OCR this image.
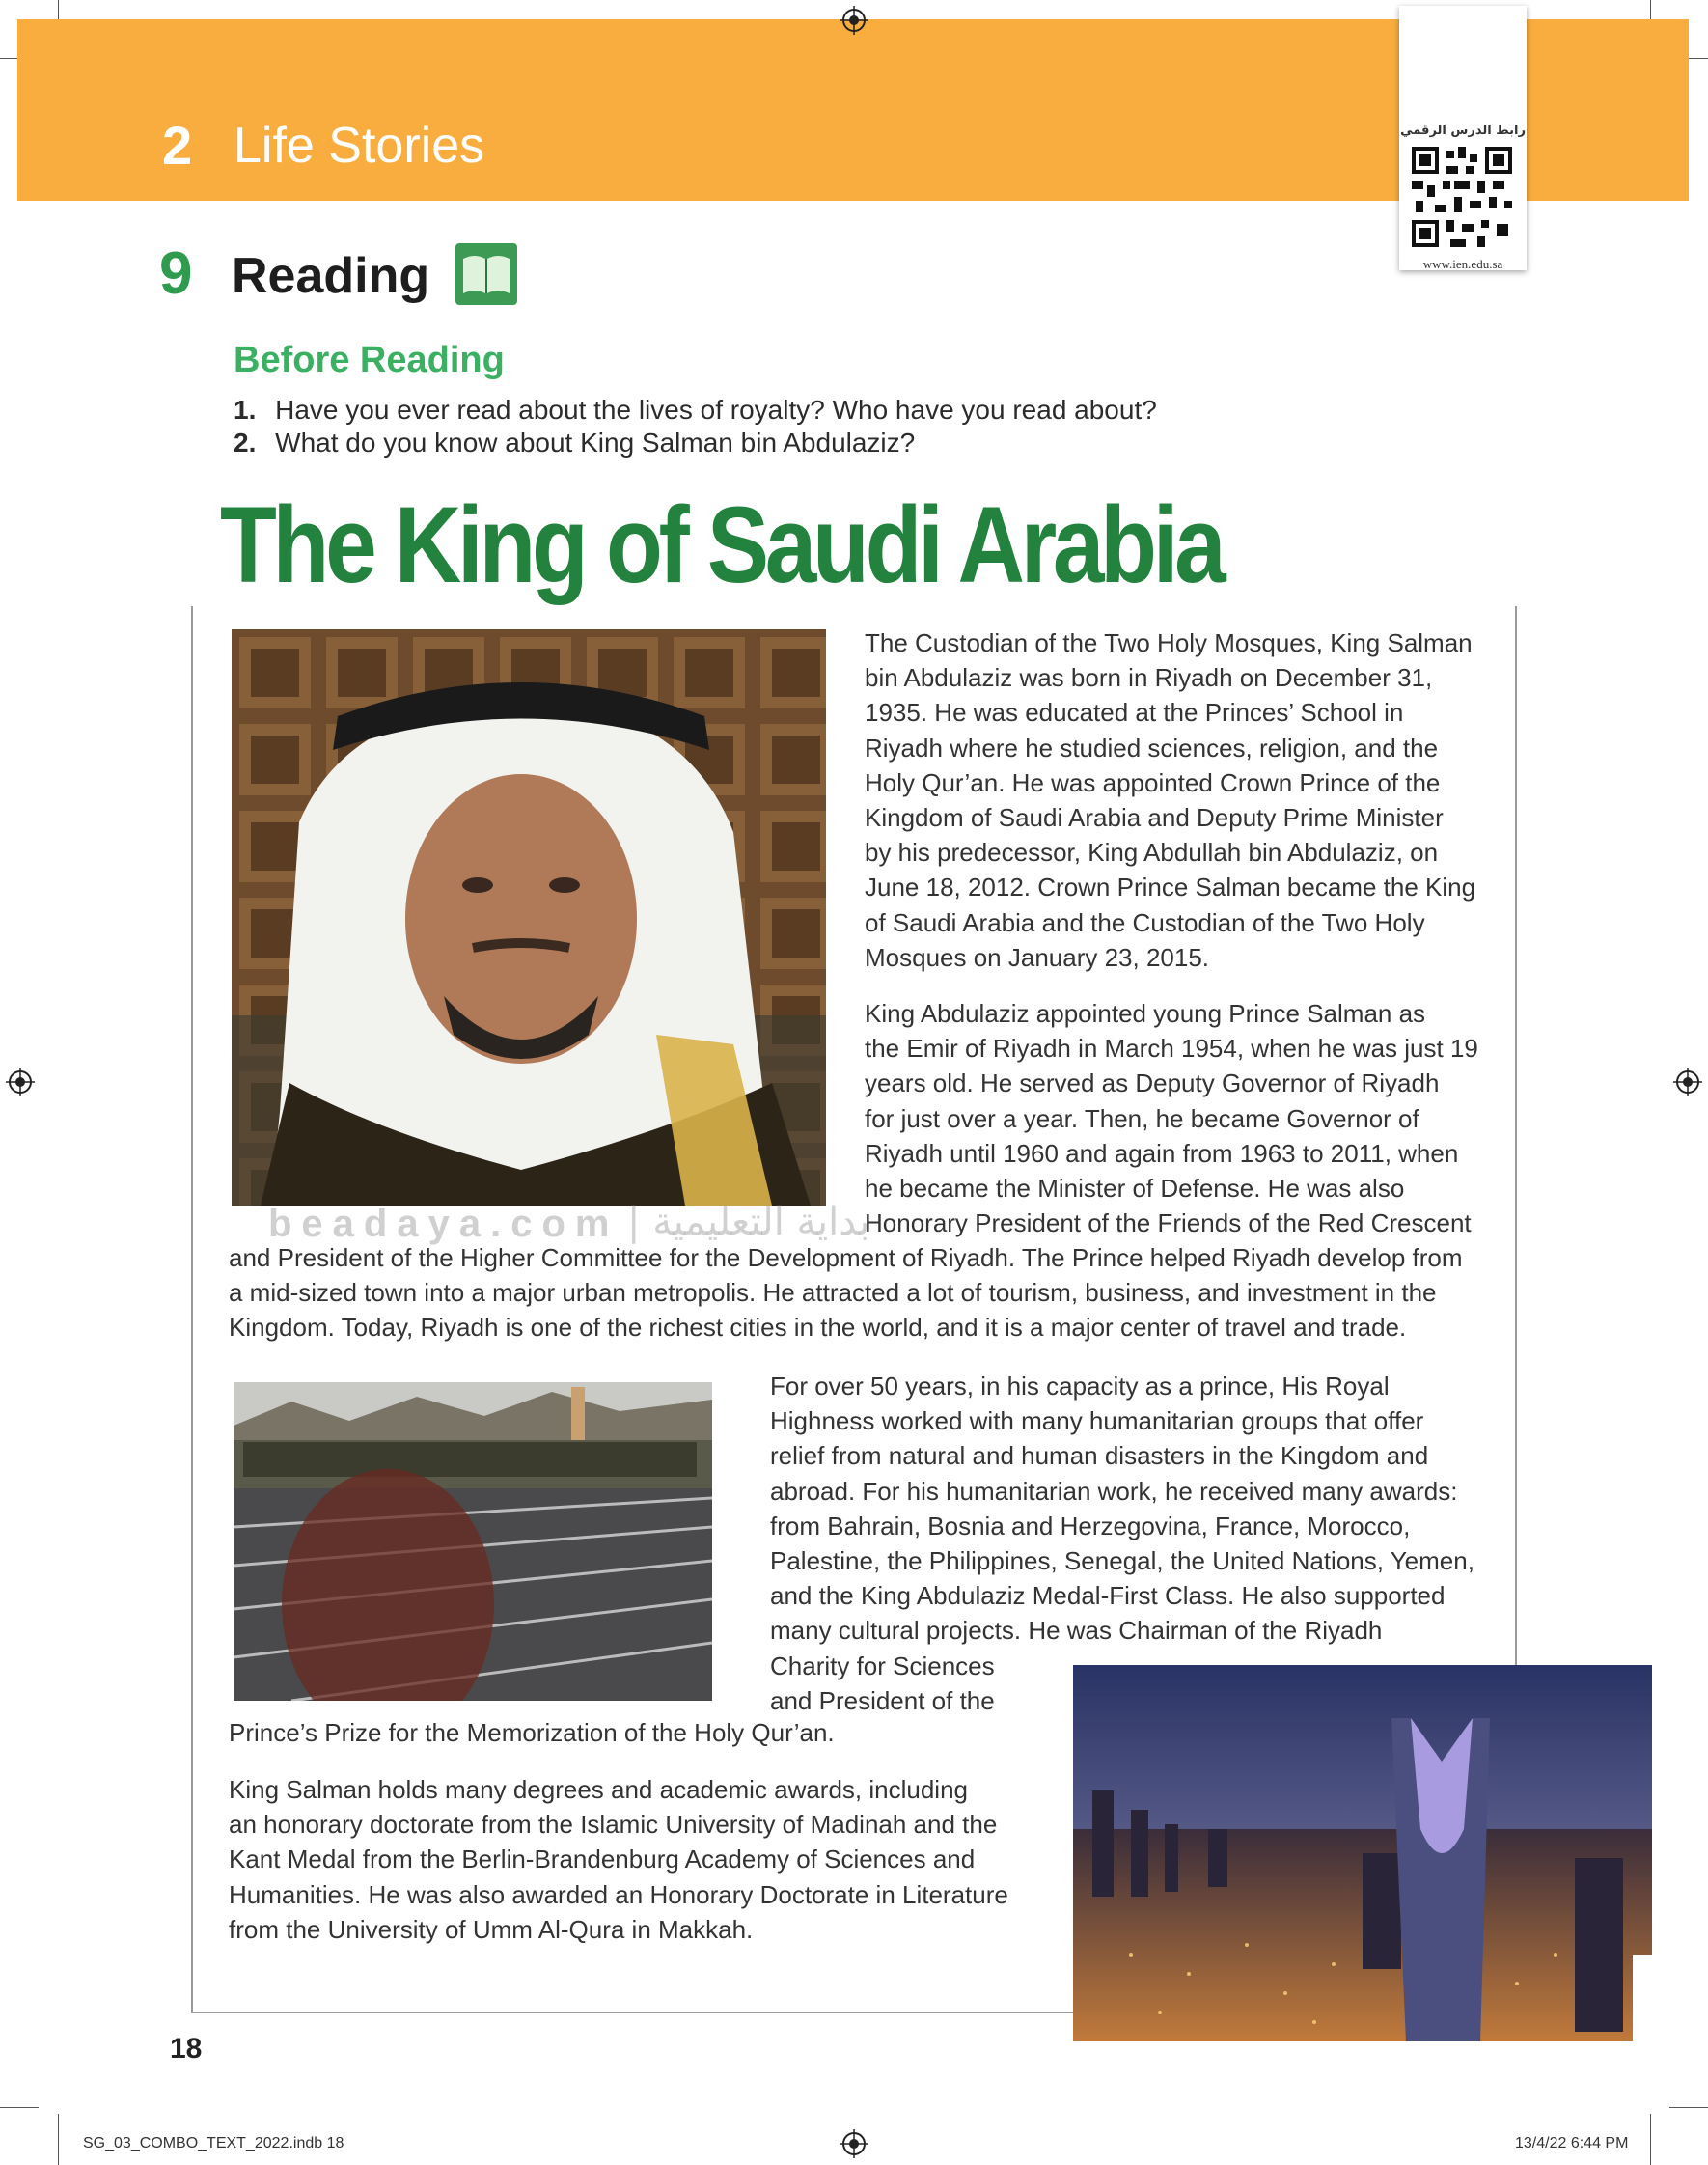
2 Life Stories	رابط الدرس الرقمي
www.ien.edu.sa
9 Reading
Before Reading
1. Have you ever read about the lives of royalty? Who have you read about?
2. What do you know about King Salman bin Abdulaziz?
The King of Saudi Arabia
The Custodian of the Two Holy Mosques, King Salman
bin Abdulaziz was born in Riyadh on December 31,
1935. He was educated at the Princes’ School in
Riyadh where he studied sciences, religion, and the
Holy Qur’an. He was appointed Crown Prince of the
Kingdom of Saudi Arabia and Deputy Prime Minister
by his predecessor, King Abdullah bin Abdulaziz, on
June 18, 2012. Crown Prince Salman became the King
of Saudi Arabia and the Custodian of the Two Holy
Mosques on January 23, 2015.
King Abdulaziz appointed young Prince Salman as
the Emir of Riyadh in March 1954, when he was just 19
years old. He served as Deputy Governor of Riyadh
for just over a year. Then, he became Governor of
Riyadh until 1960 and again from 1963 to 2011, when
he became the Minister of Defense. He was also
Honorary President of the Friends of the Red Crescent
and President of the Higher Committee for the Development of Riyadh. The Prince helped Riyadh develop from
a mid-sized town into a major urban metropolis. He attracted a lot of tourism, business, and investment in the
Kingdom. Today, Riyadh is one of the richest cities in the world, and it is a major center of travel and trade.
beadaya.com | بداية التعليمية
For over 50 years, in his capacity as a prince, His Royal
Highness worked with many humanitarian groups that offer
relief from natural and human disasters in the Kingdom and
abroad. For his humanitarian work, he received many awards:
from Bahrain, Bosnia and Herzegovina, France, Morocco,
Palestine, the Philippines, Senegal, the United Nations, Yemen,
and the King Abdulaziz Medal-First Class. He also supported
many cultural projects. He was Chairman of the Riyadh
Charity for Sciences
and President of the
Prince’s Prize for the Memorization of the Holy Qur’an.
King Salman holds many degrees and academic awards, including
an honorary doctorate from the Islamic University of Madinah and the
Kant Medal from the Berlin-Brandenburg Academy of Sciences and
Humanities. He was also awarded an Honorary Doctorate in Literature
from the University of Umm Al-Qura in Makkah.
18
SG_03_COMBO_TEXT_2022.indb 18	13/4/22 6:44 PM
